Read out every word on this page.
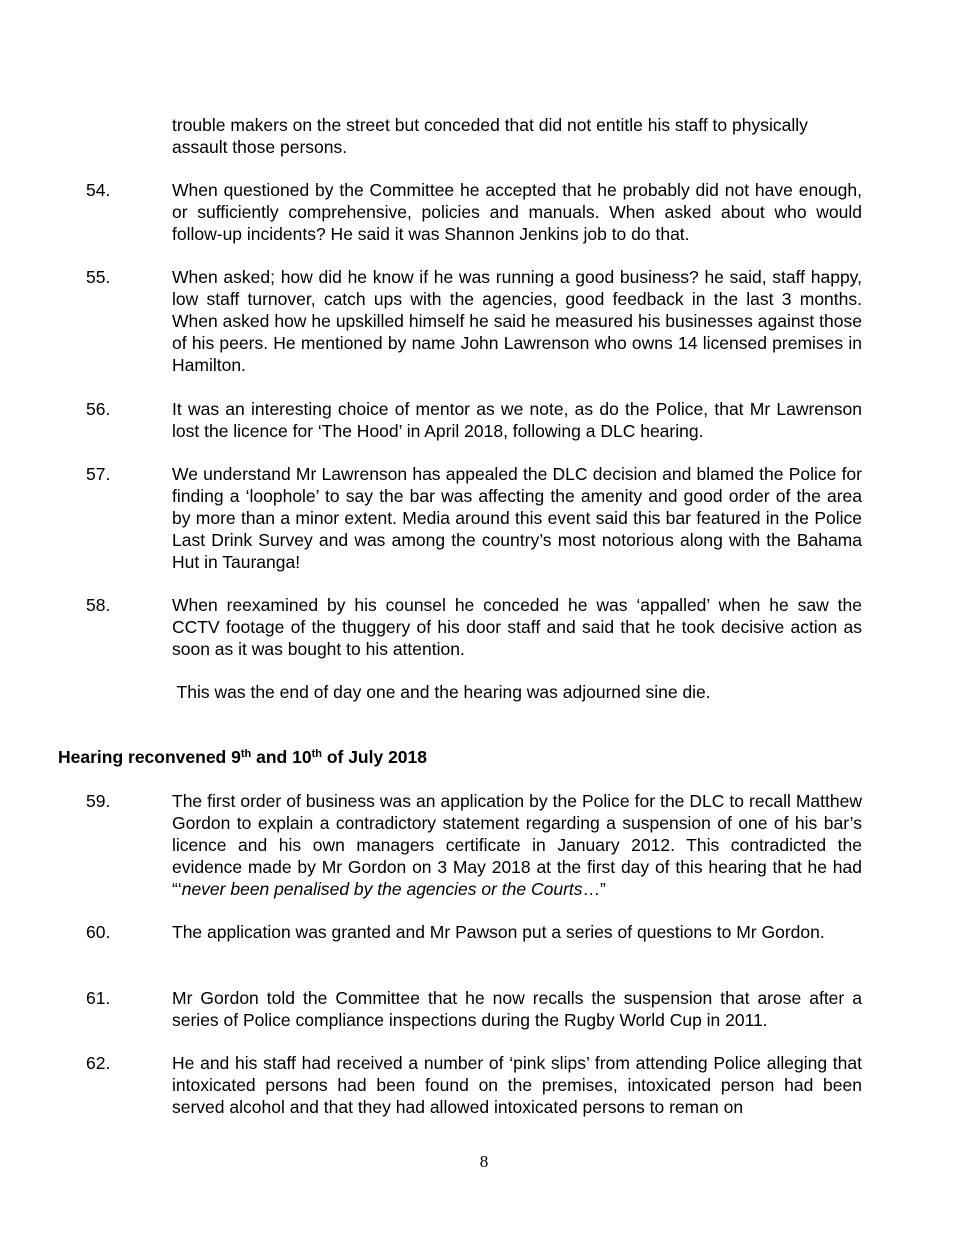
trouble makers on the street but conceded that did not entitle his staff to physically assault those persons.
54.	When questioned by the Committee he accepted that he probably did not have enough, or sufficiently comprehensive, policies and manuals. When asked about who would follow-up incidents? He said it was Shannon Jenkins job to do that.
55.	When asked; how did he know if he was running a good business? he said, staff happy, low staff turnover, catch ups with the agencies, good feedback in the last 3 months. When asked how he upskilled himself he said he measured his businesses against those of his peers. He mentioned by name John Lawrenson who owns 14 licensed premises in Hamilton.
56.	It was an interesting choice of mentor as we note, as do the Police, that Mr Lawrenson lost the licence for ‘The Hood’ in April 2018, following a DLC hearing.
57.	We understand Mr Lawrenson has appealed the DLC decision and blamed the Police for finding a ‘loophole’ to say the bar was affecting the amenity and good order of the area by more than a minor extent. Media around this event said this bar featured in the Police Last Drink Survey and was among the country’s most notorious along with the Bahama Hut in Tauranga!
58.	When reexamined by his counsel he conceded he was ‘appalled’ when he saw the CCTV footage of the thuggery of his door staff and said that he took decisive action as soon as it was bought to his attention.
This was the end of day one and the hearing was adjourned sine die.
Hearing reconvened 9th and 10th of July 2018
59.	The first order of business was an application by the Police for the DLC to recall Matthew Gordon to explain a contradictory statement regarding a suspension of one of his bar’s licence and his own managers certificate in January 2012. This contradicted the evidence made by Mr Gordon on 3 May 2018 at the first day of this hearing that he had “‘never been penalised by the agencies or the Courts…”
60.	The application was granted and Mr Pawson put a series of questions to Mr Gordon.
61.	Mr Gordon told the Committee that he now recalls the suspension that arose after a series of Police compliance inspections during the Rugby World Cup in 2011.
62.	He and his staff had received a number of ‘pink slips’ from attending Police alleging that intoxicated persons had been found on the premises, intoxicated person had been served alcohol and that they had allowed intoxicated persons to reman on
8
